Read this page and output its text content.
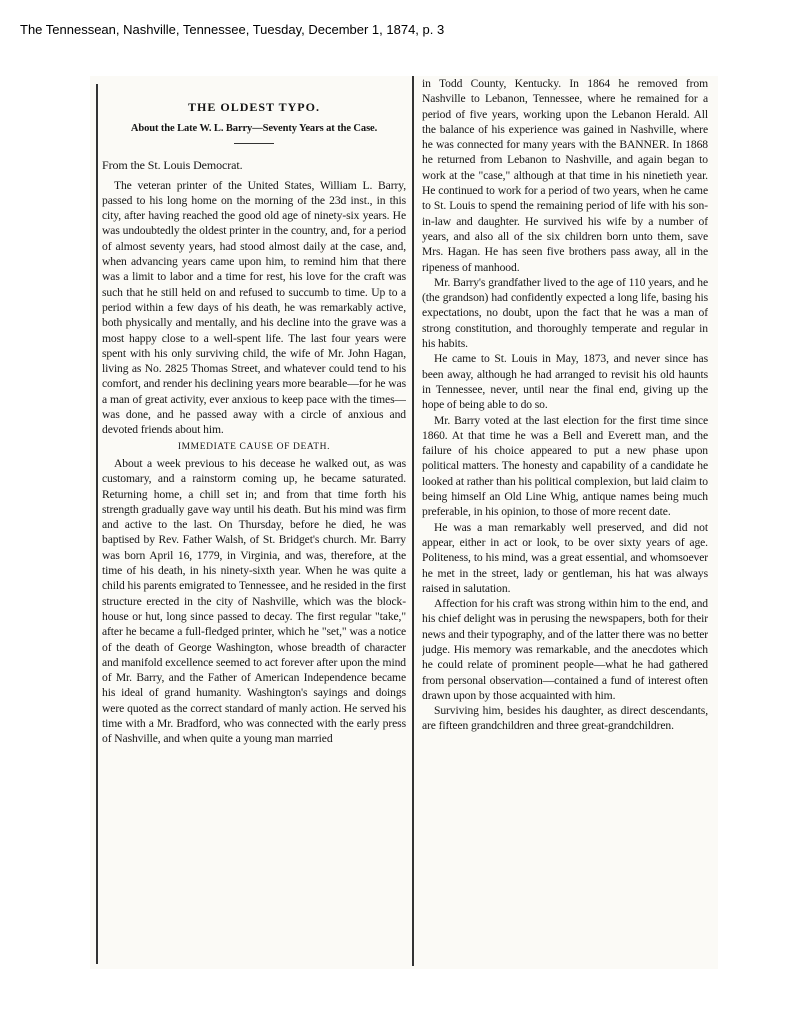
The Tennessean, Nashville, Tennessee, Tuesday, December 1, 1874, p. 3
THE OLDEST TYPO.
About the Late W. L. Barry—Seventy Years at the Case.

From the St. Louis Democrat.

The veteran printer of the United States, William L. Barry, passed to his long home on the morning of the 23d inst., in this city, after having reached the good old age of ninety-six years. He was undoubtedly the oldest printer in the country, and, for a period of almost seventy years, had stood almost daily at the case, and, when advancing years came upon him, to remind him that there was a limit to labor and a time for rest, his love for the craft was such that he still held on and refused to succumb to time. Up to a period within a few days of his death, he was remarkably active, both physically and mentally, and his decline into the grave was a most happy close to a well-spent life. The last four years were spent with his only surviving child, the wife of Mr. John Hagan, living as No. 2825 Thomas Street, and whatever could tend to his comfort, and render his declining years more bearable—for he was a man of great activity, ever anxious to keep pace with the times—was done, and he passed away with a circle of anxious and devoted friends about him.

IMMEDIATE CAUSE OF DEATH.

About a week previous to his decease he walked out, as was customary, and a rainstorm coming up, he became saturated. Returning home, a chill set in; and from that time forth his strength gradually gave way until his death. But his mind was firm and active to the last. On Thursday, before he died, he was baptised by Rev. Father Walsh, of St. Bridget's church. Mr. Barry was born April 16, 1779, in Virginia, and was, therefore, at the time of his death, in his ninety-sixth year. When he was quite a child his parents emigrated to Tennessee, and he resided in the first structure erected in the city of Nashville, which was the block-house or hut, long since passed to decay. The first regular "take," after he became a full-fledged printer, which he "set," was a notice of the death of George Washington, whose breadth of character and manifold excellence seemed to act forever after upon the mind of Mr. Barry, and the Father of American Independence became his ideal of grand humanity. Washington's sayings and doings were quoted as the correct standard of manly action. He served his time with a Mr. Bradford, who was connected with the early press of Nashville, and when quite a young man married

in Todd County, Kentucky. In 1864 he removed from Nashville to Lebanon, Tennessee, where he remained for a period of five years, working upon the Lebanon Herald. All the balance of his experience was gained in Nashville, where he was connected for many years with the BANNER. In 1868 he returned from Lebanon to Nashville, and again began to work at the "case," although at that time in his ninetieth year. He continued to work for a period of two years, when he came to St. Louis to spend the remaining period of life with his son-in-law and daughter. He survived his wife by a number of years, and also all of the six children born unto them, save Mrs. Hagan. He has seen five brothers pass away, all in the ripeness of manhood.

Mr. Barry's grandfather lived to the age of 110 years, and he (the grandson) had confidently expected a long life, basing his expectations, no doubt, upon the fact that he was a man of strong constitution, and thoroughly temperate and regular in his habits.

He came to St. Louis in May, 1873, and never since has been away, although he had arranged to revisit his old haunts in Tennessee, never, until near the final end, giving up the hope of being able to do so.

Mr. Barry voted at the last election for the first time since 1860. At that time he was a Bell and Everett man, and the failure of his choice appeared to put a new phase upon political matters. The honesty and capability of a candidate he looked at rather than his political complexion, but laid claim to being himself an Old Line Whig, antique names being much preferable, in his opinion, to those of more recent date.

He was a man remarkably well preserved, and did not appear, either in act or look, to be over sixty years of age. Politeness, to his mind, was a great essential, and whomsoever he met in the street, lady or gentleman, his hat was always raised in salutation.

Affection for his craft was strong within him to the end, and his chief delight was in perusing the newspapers, both for their news and their typography, and of the latter there was no better judge. His memory was remarkable, and the anecdotes which he could relate of prominent people—what he had gathered from personal observation—contained a fund of interest often drawn upon by those acquainted with him.

Surviving him, besides his daughter, as direct descendants, are fifteen grandchildren and three great-grandchildren.
